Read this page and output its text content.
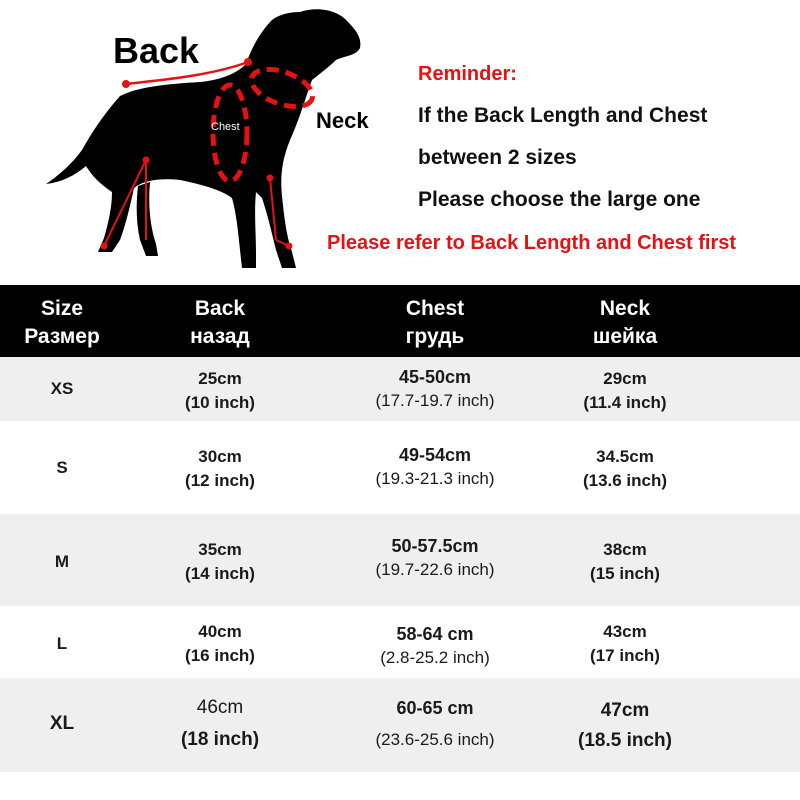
Back
Neck
Chest
Reminder:
If the Back Length and Chest
between 2 sizes
Please choose the large one
Please refer to Back Length and Chest first
Size
Размер
Back
назад
Chest
грудь
Neck
шейка
XS
25cm
(10 inch)
45-50cm
(17.7-19.7 inch)
29cm
(11.4 inch)
S
30cm
(12 inch)
49-54cm
(19.3-21.3 inch)
34.5cm
(13.6 inch)
M
35cm
(14 inch)
50-57.5cm
(19.7-22.6 inch)
38cm
(15 inch)
L
40cm
(16 inch)
58-64 cm
(2.8-25.2 inch)
43cm
(17 inch)
XL
46cm
(18 inch)
60-65 cm
(23.6-25.6 inch)
47cm
(18.5 inch)
